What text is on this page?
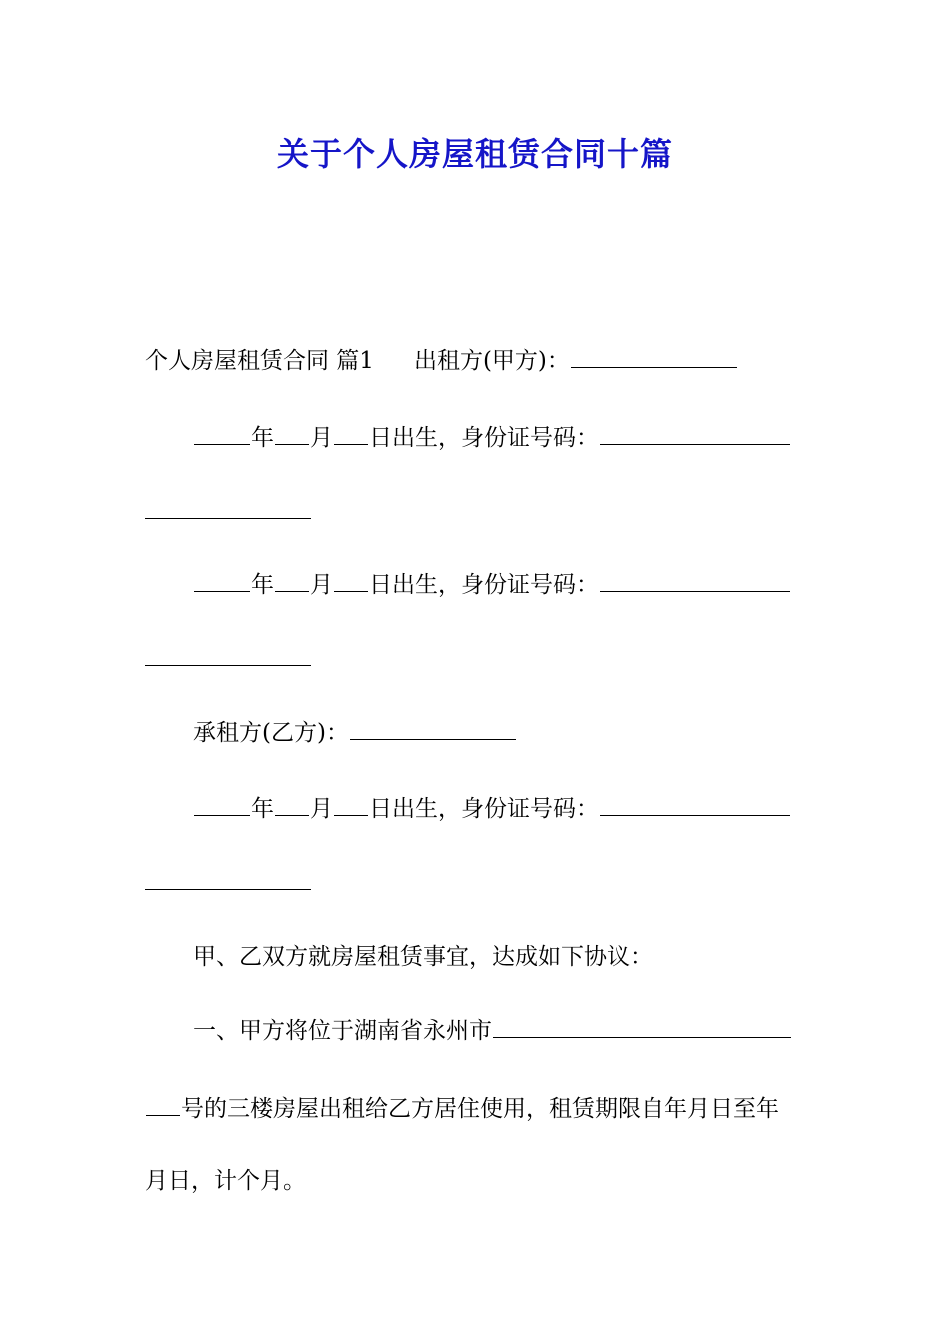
关于个人房屋租赁合同十篇
个人房屋租赁合同 篇1 出租方(甲方)：
年 月 日出生，身份证号码：
年 月 日出生，身份证号码：
承租方(乙方)：
年 月 日出生，身份证号码：
甲、乙双方就房屋租赁事宜，达成如下协议：
一、甲方将位于湖南省永州市
号的三楼房屋出租给乙方居住使用，租赁期限自年月日至年
月日，计个月。
